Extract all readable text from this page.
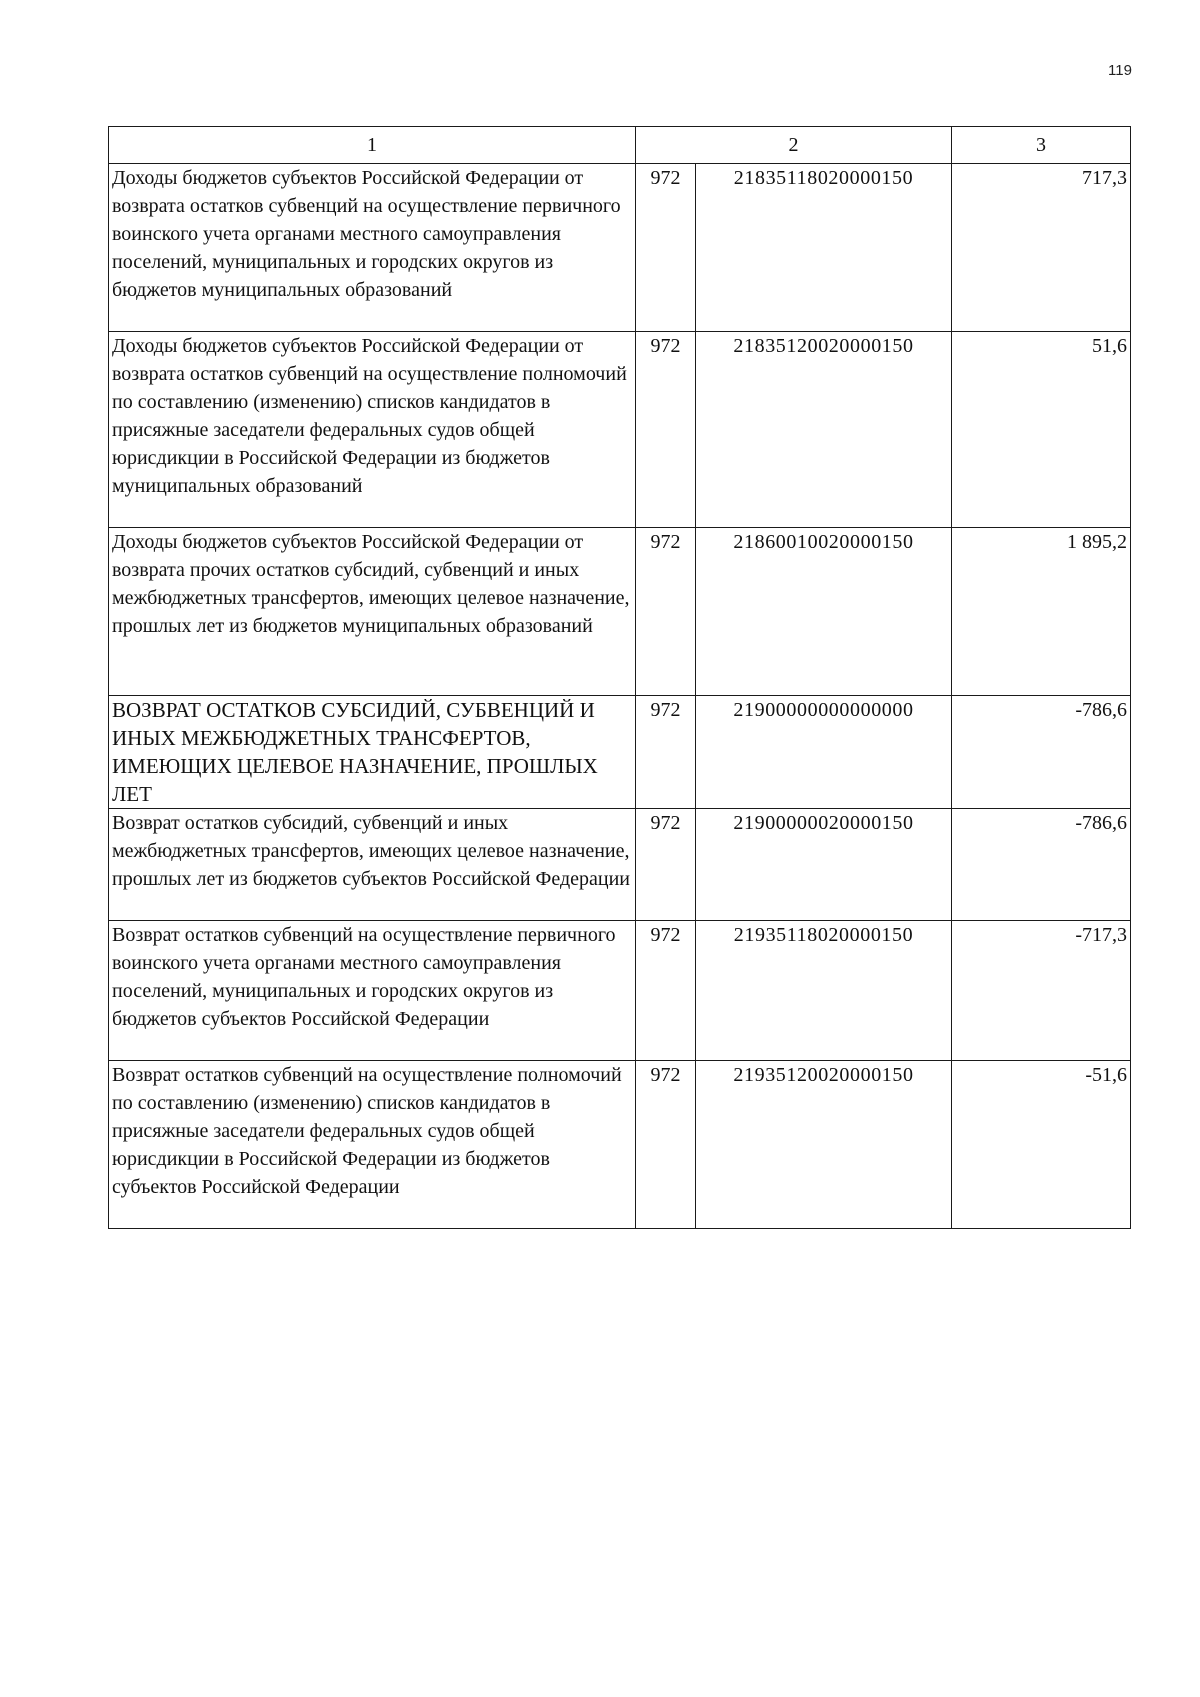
119
1	2		3
Доходы бюджетов субъектов Российской Федерации от возврата остатков субвенций на осуществление первичного воинского учета органами местного самоуправления поселений, муниципальных и городских округов из бюджетов муниципальных образований	972	21835118020000150	717,3
Доходы бюджетов субъектов Российской Федерации от возврата остатков субвенций на осуществление полномочий по составлению (изменению) списков кандидатов в присяжные заседатели федеральных судов общей юрисдикции в Российской Федерации из бюджетов муниципальных образований	972	21835120020000150	51,6
Доходы бюджетов субъектов Российской Федерации от возврата прочих остатков субсидий, субвенций и иных межбюджетных трансфертов, имеющих целевое назначение, прошлых лет из бюджетов муниципальных образований	972	21860010020000150	1 895,2
ВОЗВРАТ ОСТАТКОВ СУБСИДИЙ, СУБВЕНЦИЙ И ИНЫХ МЕЖБЮДЖЕТНЫХ ТРАНСФЕРТОВ, ИМЕЮЩИХ ЦЕЛЕВОЕ НАЗНАЧЕНИЕ, ПРОШЛЫХ ЛЕТ	972	21900000000000000	-786,6
Возврат остатков субсидий, субвенций и иных межбюджетных трансфертов, имеющих целевое назначение, прошлых лет из бюджетов субъектов Российской Федерации	972	21900000020000150	-786,6
Возврат остатков субвенций на осуществление первичного воинского учета органами местного самоуправления поселений, муниципальных и городских округов из бюджетов субъектов Российской Федерации	972	21935118020000150	-717,3
Возврат остатков субвенций на осуществление полномочий по составлению (изменению) списков кандидатов в присяжные заседатели федеральных судов общей юрисдикции в Российской Федерации из бюджетов субъектов Российской Федерации	972	21935120020000150	-51,6
